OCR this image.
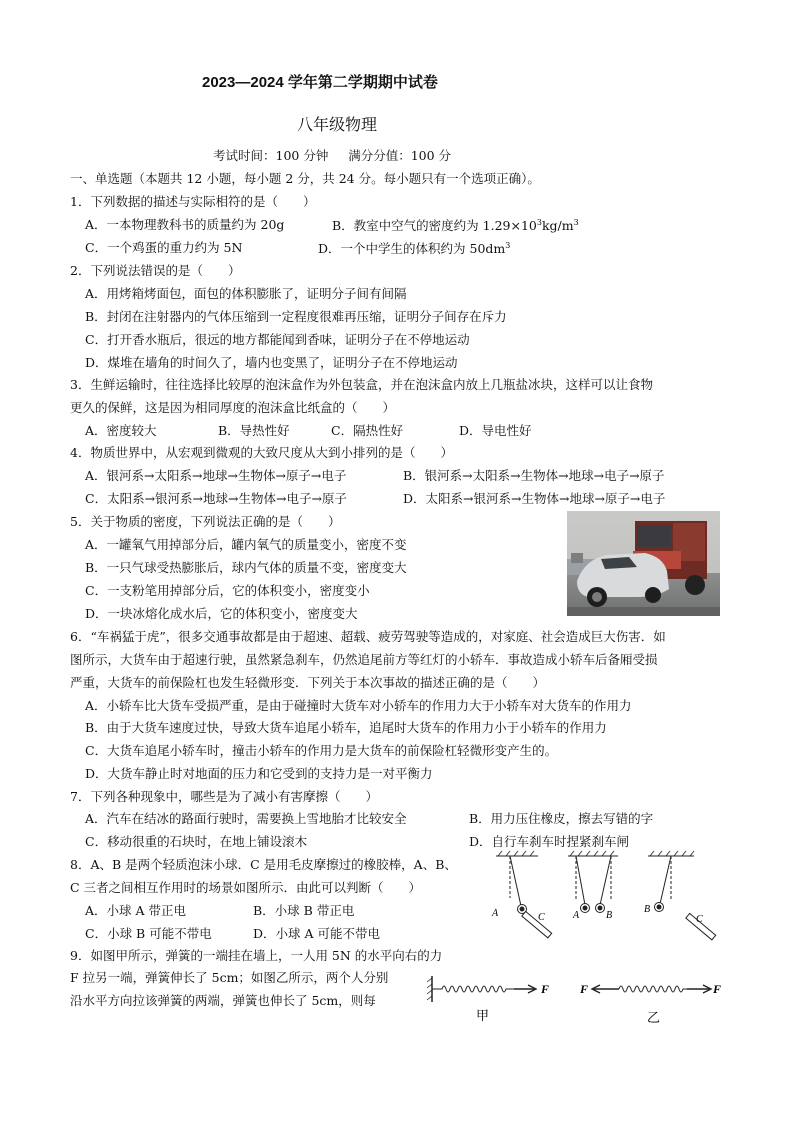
2023—2024 学年第二学期期中试卷
八年级物理
考试时间：100 分钟     满分分值：100 分
一、单选题（本题共 12 小题，每小题 2 分，共 24 分。每小题只有一个选项正确）。
1．下列数据的描述与实际相符的是（　　）
A．一本物理教科书的质量约为 20g	B．教室中空气的密度约为 $1.29\times 10^3kg/m^3$
C．一个鸡蛋的重力约为 5N	D．一个中学生的体积约为 $50dm^3$
2．下列说法错误的是（　　）
A．用烤箱烤面包，面包的体积膨胀了，证明分子间有间隔
B．封闭在注射器内的气体压缩到一定程度很难再压缩，证明分子间存在斥力
C．打开香水瓶后，很远的地方都能闻到香味，证明分子在不停地运动
D．煤堆在墙角的时间久了，墙内也变黑了，证明分子在不停地运动
3．生鲜运输时，往往选择比较厚的泡沫盒作为外包装盒，并在泡沫盒内放上几瓶盐冰块，这样可以让食物
更久的保鲜，这是因为相同厚度的泡沫盒比纸盒的（　　）
A．密度较大	B．导热性好	C．隔热性好	D．导电性好
4．物质世界中，从宏观到微观的大致尺度从大到小排列的是（　　）
A．银河系→太阳系→地球→生物体→原子→电子	B．银河系→太阳系→生物体→地球→电子→原子
C．太阳系→银河系→地球→生物体→电子→原子	D．太阳系→银河系→生物体→地球→原子→电子
5．关于物质的密度，下列说法正确的是（　　）
A．一罐氧气用掉部分后，罐内氧气的质量变小，密度不变
B．一只气球受热膨胀后，球内气体的质量不变，密度变大
C．一支粉笔用掉部分后，它的体积变小，密度变小
D．一块冰熔化成水后，它的体积变小，密度变大
6．“车祸猛于虎”，很多交通事故都是由于超速、超载、疲劳驾驶等造成的，对家庭、社会造成巨大伤害．如
图所示，大货车由于超速行驶，虽然紧急刹车，仍然追尾前方等红灯的小轿车．事故造成小轿车后备厢受损
严重，大货车的前保险杠也发生轻微形变．下列关于本次事故的描述正确的是（　　）
A．小轿车比大货车受损严重，是由于碰撞时大货车对小轿车的作用力大于小轿车对大货车的作用力
B．由于大货车速度过快，导致大货车追尾小轿车，追尾时大货车的作用力小于小轿车的作用力
C．大货车追尾小轿车时，撞击小轿车的作用力是大货车的前保险杠轻微形变产生的。
D．大货车静止时对地面的压力和它受到的支持力是一对平衡力
7．下列各种现象中，哪些是为了减小有害摩擦（　　）
A．汽车在结冰的路面行驶时，需要换上雪地胎才比较安全	B．用力压住橡皮，擦去写错的字
C．移动很重的石块时，在地上铺设滚木	D．自行车刹车时捏紧刹车闸
8．A、B 是两个轻质泡沫小球．C 是用毛皮摩擦过的橡胶棒，A、B、
C 三者之间相互作用时的场景如图所示．由此可以判断（　　）
A．小球 A 带正电	B．小球 B 带正电
C．小球 B 可能不带电	D．小球 A 可能不带电
A	C	A	B
B
C
9．如图甲所示，弹簧的一端挂在墙上，一人用 5N 的水平向右的力
F 拉另一端，弹簧伸长了 5cm；如图乙所示，两个人分别
沿水平方向拉该弹簧的两端，弹簧也伸长了 5cm，则每
F	F	F
甲	乙
